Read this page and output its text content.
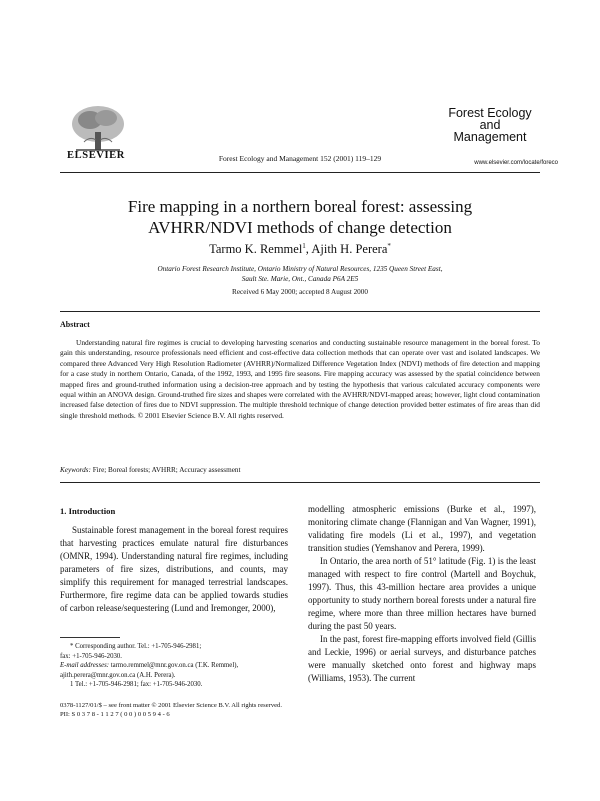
ELSEVIER	Forest Ecology and Management 152 (2001) 119–129
Forest Ecology
and
Management
www.elsevier.com/locate/foreco
Fire mapping in a northern boreal forest: assessing
AVHRR/NDVI methods of change detection
Tarmo K. Remmel$^1$, Ajith H. Perera*
Ontario Forest Research Institute, Ontario Ministry of Natural Resources, 1235 Queen Street East,
Sault Ste. Marie, Ont., Canada P6A 2E5
Received 6 May 2000; accepted 8 August 2000
Abstract
Understanding natural fire regimes is crucial to developing harvesting scenarios and conducting sustainable resource management in the boreal forest. To gain this understanding, resource professionals need efficient and cost-effective data collection methods that can operate over vast and isolated landscapes. We compared three Advanced Very High Resolution Radiometer (AVHRR)/Normalized Difference Vegetation Index (NDVI) methods of fire detection and mapping for a case study in northern Ontario, Canada, of the 1992, 1993, and 1995 fire seasons. Fire mapping accuracy was assessed by the spatial coincidence between mapped fires and ground-truthed information using a decision-tree approach and by testing the hypothesis that various calculated accuracy components were equal within an ANOVA design. Ground-truthed fire sizes and shapes were correlated with the AVHRR/NDVI-mapped areas; however, light cloud contamination increased false detection of fires due to NDVI suppression. The multiple threshold technique of change detection provided better estimates of fire areas than did single threshold methods. © 2001 Elsevier Science B.V. All rights reserved.
Keywords: Fire; Boreal forests; AVHRR; Accuracy assessment
1. Introduction

Sustainable forest management in the boreal forest requires that harvesting practices emulate natural fire disturbances (OMNR, 1994). Understanding natural fire regimes, including parameters of fire sizes, distributions, and counts, may simplify this requirement for managed terrestrial landscapes. Furthermore, fire regime data can be applied towards studies of carbon release/sequestering (Lund and Iremonger, 2000),

modelling atmospheric emissions (Burke et al., 1997), monitoring climate change (Flannigan and Van Wagner, 1991), validating fire models (Li et al., 1997), and vegetation transition studies (Yemshanov and Perera, 1999).

In Ontario, the area north of 51° latitude (Fig. 1) is the least managed with respect to fire control (Martell and Boychuk, 1997). Thus, this 43-million hectare area provides a unique opportunity to study northern boreal forests under a natural fire regime, where more than three million hectares have burned during the past 50 years.

In the past, forest fire-mapping efforts involved field (Gillis and Leckie, 1996) or aerial surveys, and disturbance patches were manually sketched onto forest and highway maps (Williams, 1953). The current

* Corresponding author. Tel.: +1-705-946-2981;

fax: +1-705-946-2030.

E-mail addresses: tarmo.remmel@mnr.gov.on.ca (T.K. Remmel),

ajith.perera@mnr.gov.on.ca (A.H. Perera).

1 Tel.: +1-705-946-2981; fax: +1-705-946-2030.

0378-1127/01/$ – see front matter © 2001 Elsevier Science B.V. All rights reserved.
PII: S 0 3 7 8 - 1 1 2 7 ( 0 0 ) 0 0 5 9 4 - 6
